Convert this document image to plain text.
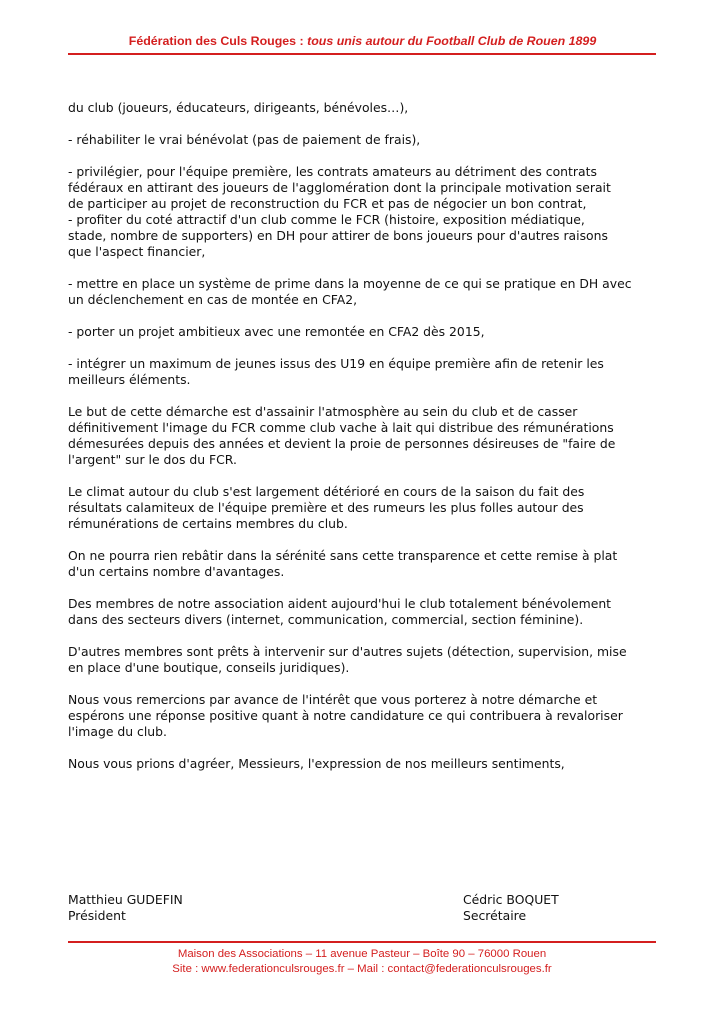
Fédération des Culs Rouges : tous unis autour du Football Club de Rouen 1899
du club (joueurs, éducateurs, dirigeants, bénévoles…),
- réhabiliter le vrai bénévolat (pas de paiement de frais),
- privilégier, pour l'équipe première, les contrats amateurs au détriment des contrats
fédéraux en attirant des joueurs de l'agglomération dont la principale motivation serait
de participer au projet de reconstruction du FCR et pas de négocier un bon contrat,
- profiter du coté attractif d'un club comme le FCR (histoire, exposition médiatique,
stade, nombre de supporters) en DH pour attirer de bons joueurs pour d'autres raisons
que l'aspect financier,
- mettre en place un système de prime dans la moyenne de ce qui se pratique en DH avec
un déclenchement en cas de montée en CFA2,
- porter un projet ambitieux avec une remontée en CFA2 dès 2015,
- intégrer un maximum de jeunes issus des U19 en équipe première afin de retenir les
meilleurs éléments.
Le but de cette démarche est d'assainir l'atmosphère au sein du club et de casser
définitivement l'image du FCR comme club vache à lait qui distribue des rémunérations
démesurées depuis des années et devient la proie de personnes désireuses de "faire de
l'argent" sur le dos du FCR.
Le climat autour du club s'est largement détérioré en cours de la saison du fait des
résultats calamiteux de l'équipe première et des rumeurs les plus folles autour des
rémunérations de certains membres du club.
On ne pourra rien rebâtir dans la sérénité sans cette transparence et cette remise à plat
d'un certains nombre d'avantages.
Des membres de notre association aident aujourd'hui le club totalement bénévolement
dans des secteurs divers (internet, communication, commercial, section féminine).
D'autres membres sont prêts à intervenir sur d'autres sujets (détection, supervision, mise
en place d'une boutique, conseils juridiques).
Nous vous remercions par avance de l'intérêt que vous porterez à notre démarche et
espérons une réponse positive quant à notre candidature ce qui contribuera à revaloriser
l'image du club.
Nous vous prions d'agréer, Messieurs, l'expression de nos meilleurs sentiments,
Matthieu GUDEFIN
Président
Cédric BOQUET
Secrétaire
Maison des Associations – 11 avenue Pasteur – Boîte 90 – 76000 Rouen
Site : www.federationculsrouges.fr – Mail : contact@federationculsrouges.fr
